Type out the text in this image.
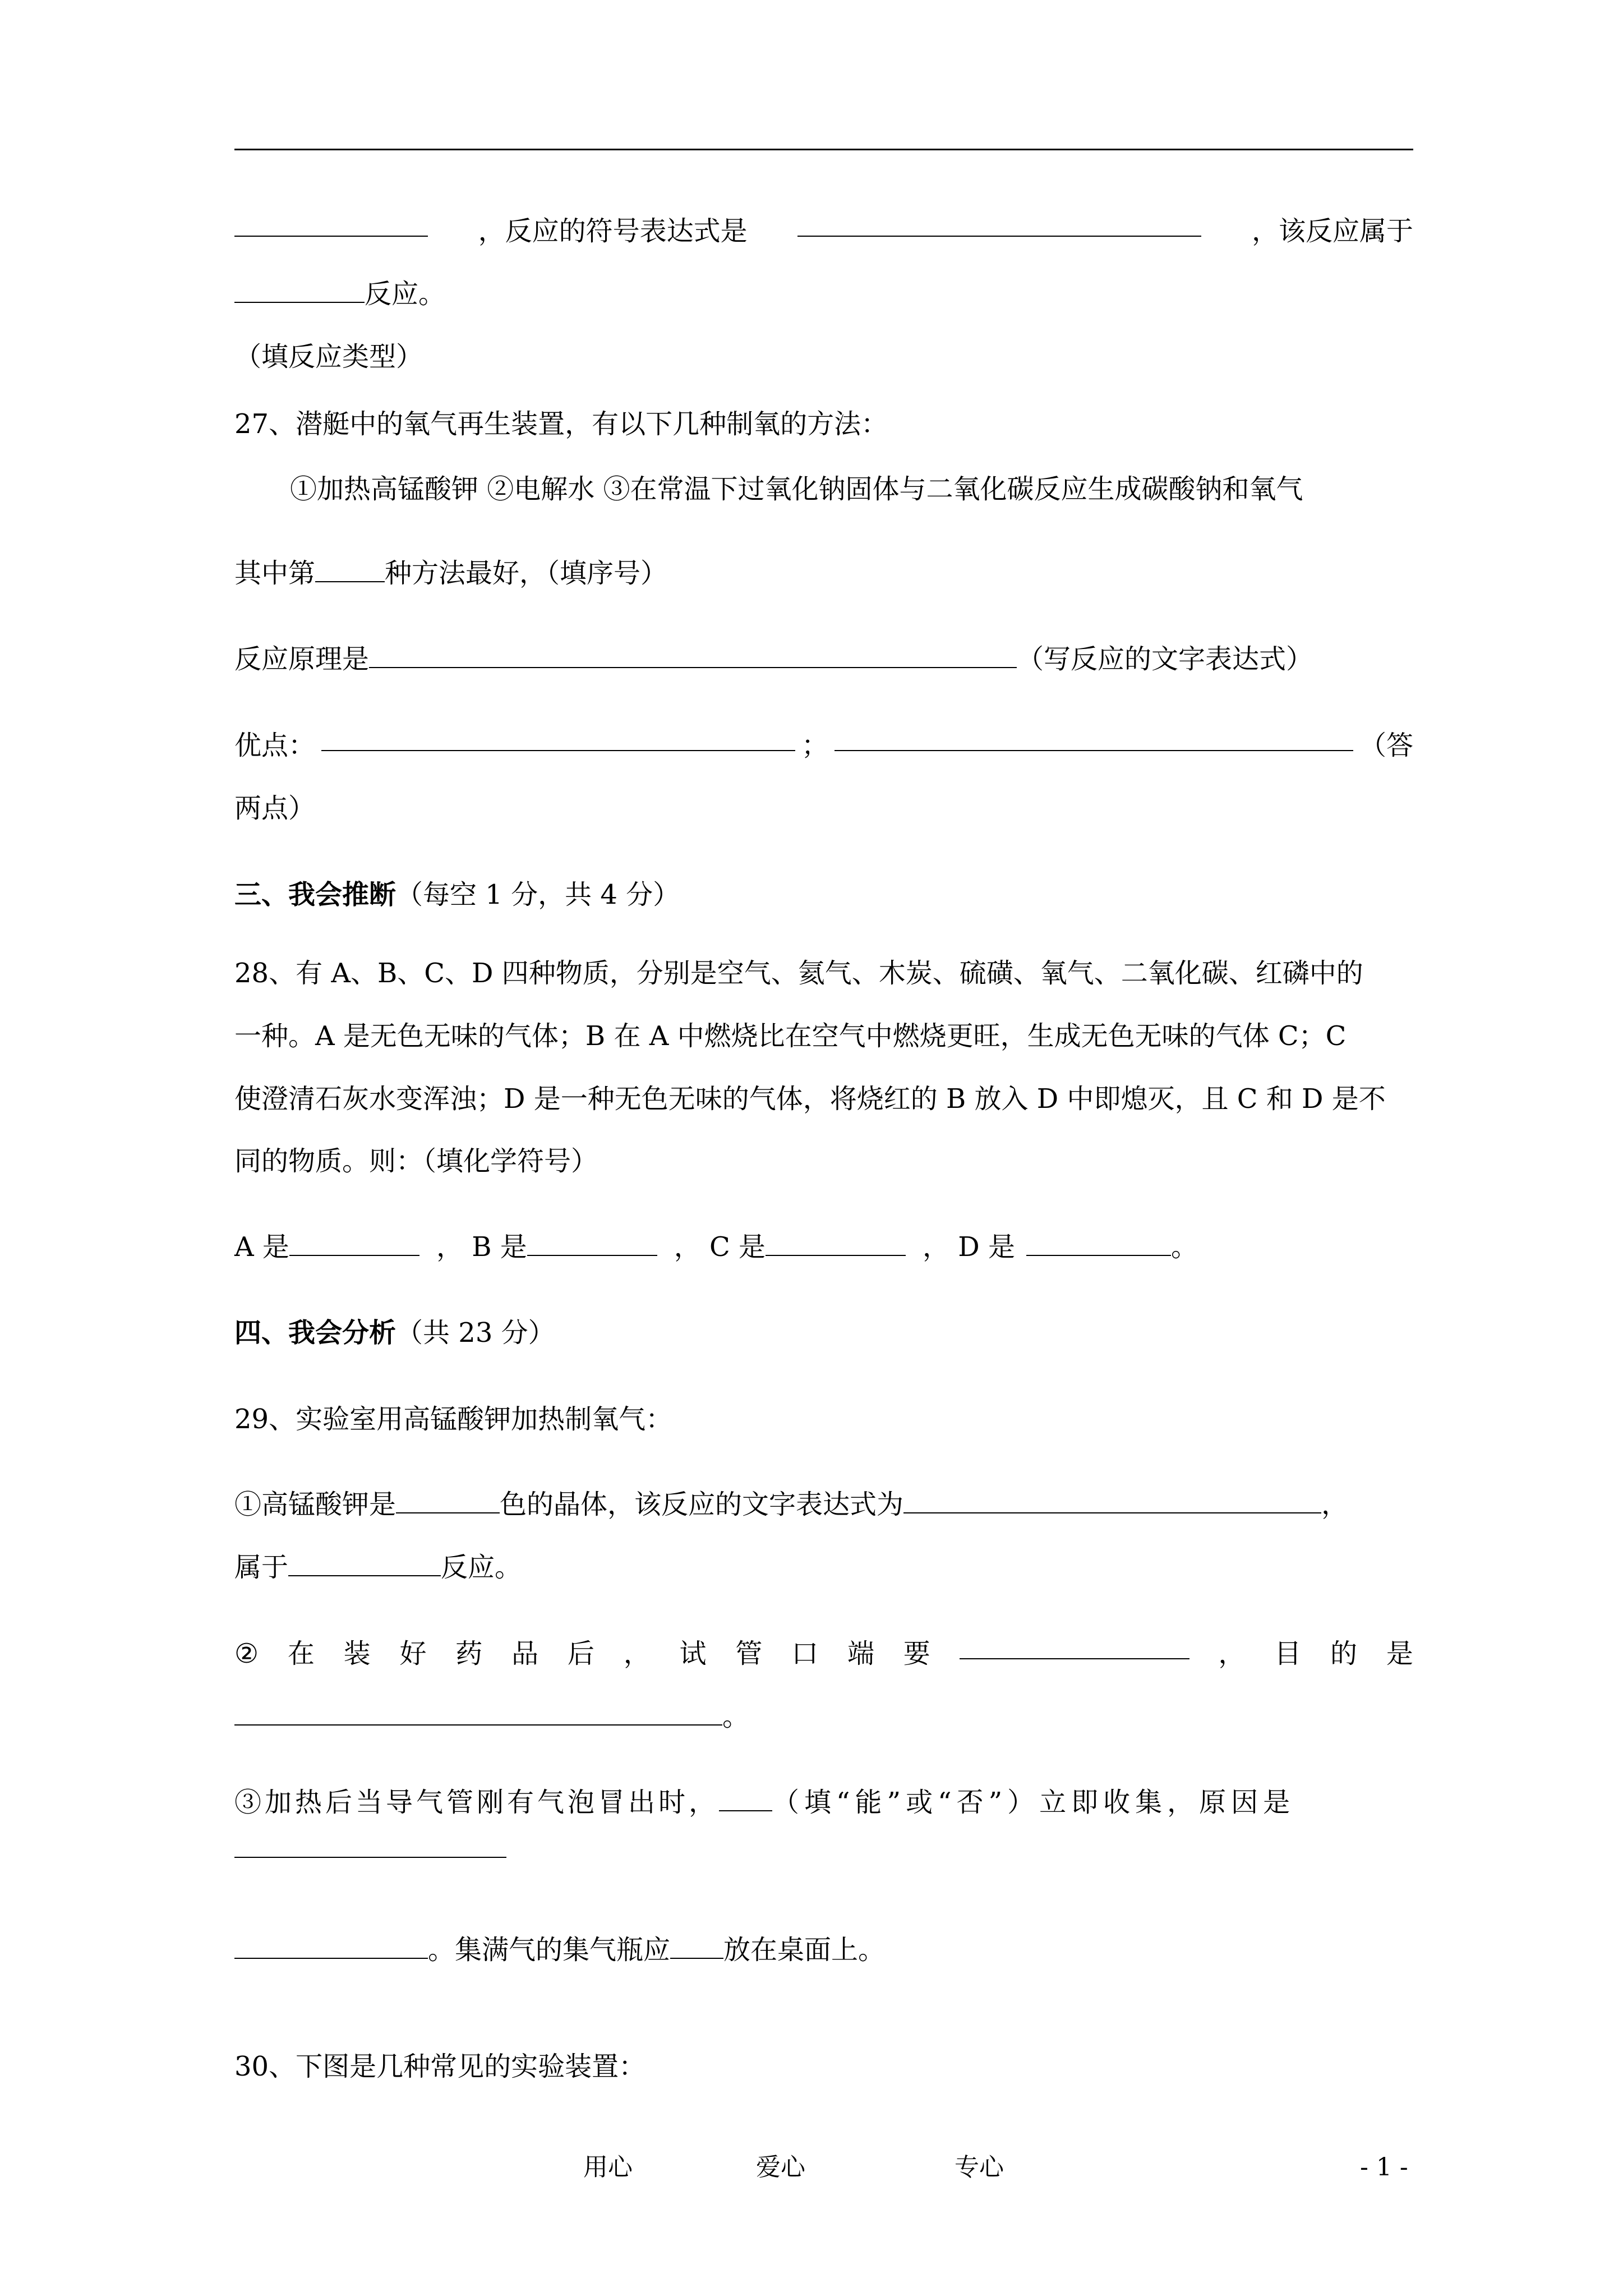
，反应的符号表达式是	，该反应属于
反应。
（填反应类型）
27、潜艇中的氧气再生装置，有以下几种制氧的方法：
①加热高锰酸钾 ②电解水 ③在常温下过氧化钠固体与二氧化碳反应生成碳酸钠和氧气
其中第	种方法最好，（填序号）
反应原理是	（写反应的文字表达式）
优点：	；	（答
两点）
三、我会推断（每空 1 分，共 4 分）
28、有 A、B、C、D 四种物质，分别是空气、氦气、木炭、硫磺、氧气、二氧化碳、红磷中的
一种。A 是无色无味的气体；B 在 A 中燃烧比在空气中燃烧更旺，生成无色无味的气体 C；C
使澄清石灰水变浑浊；D 是一种无色无味的气体，将烧红的 B 放入 D 中即熄灭，且 C 和 D 是不
同的物质。则：（填化学符号）
A 是	， B 是	， C 是	， D 是	。
四、我会分析（共 23 分）
29、实验室用高锰酸钾加热制氧气：
①高锰酸钾是	色的晶体，该反应的文字表达式为	，
属于	反应。
② 在 装 好 药 品 后 ， 试 管 口 端 要	， 目 的 是
。
③加热后当导气管刚有气泡冒出时， （填“能”或“否”）立即收集，原因是
。集满气的集气瓶应 放在桌面上。
30、下图是几种常见的实验装置：
用心	爱心	专心	- 1 -
